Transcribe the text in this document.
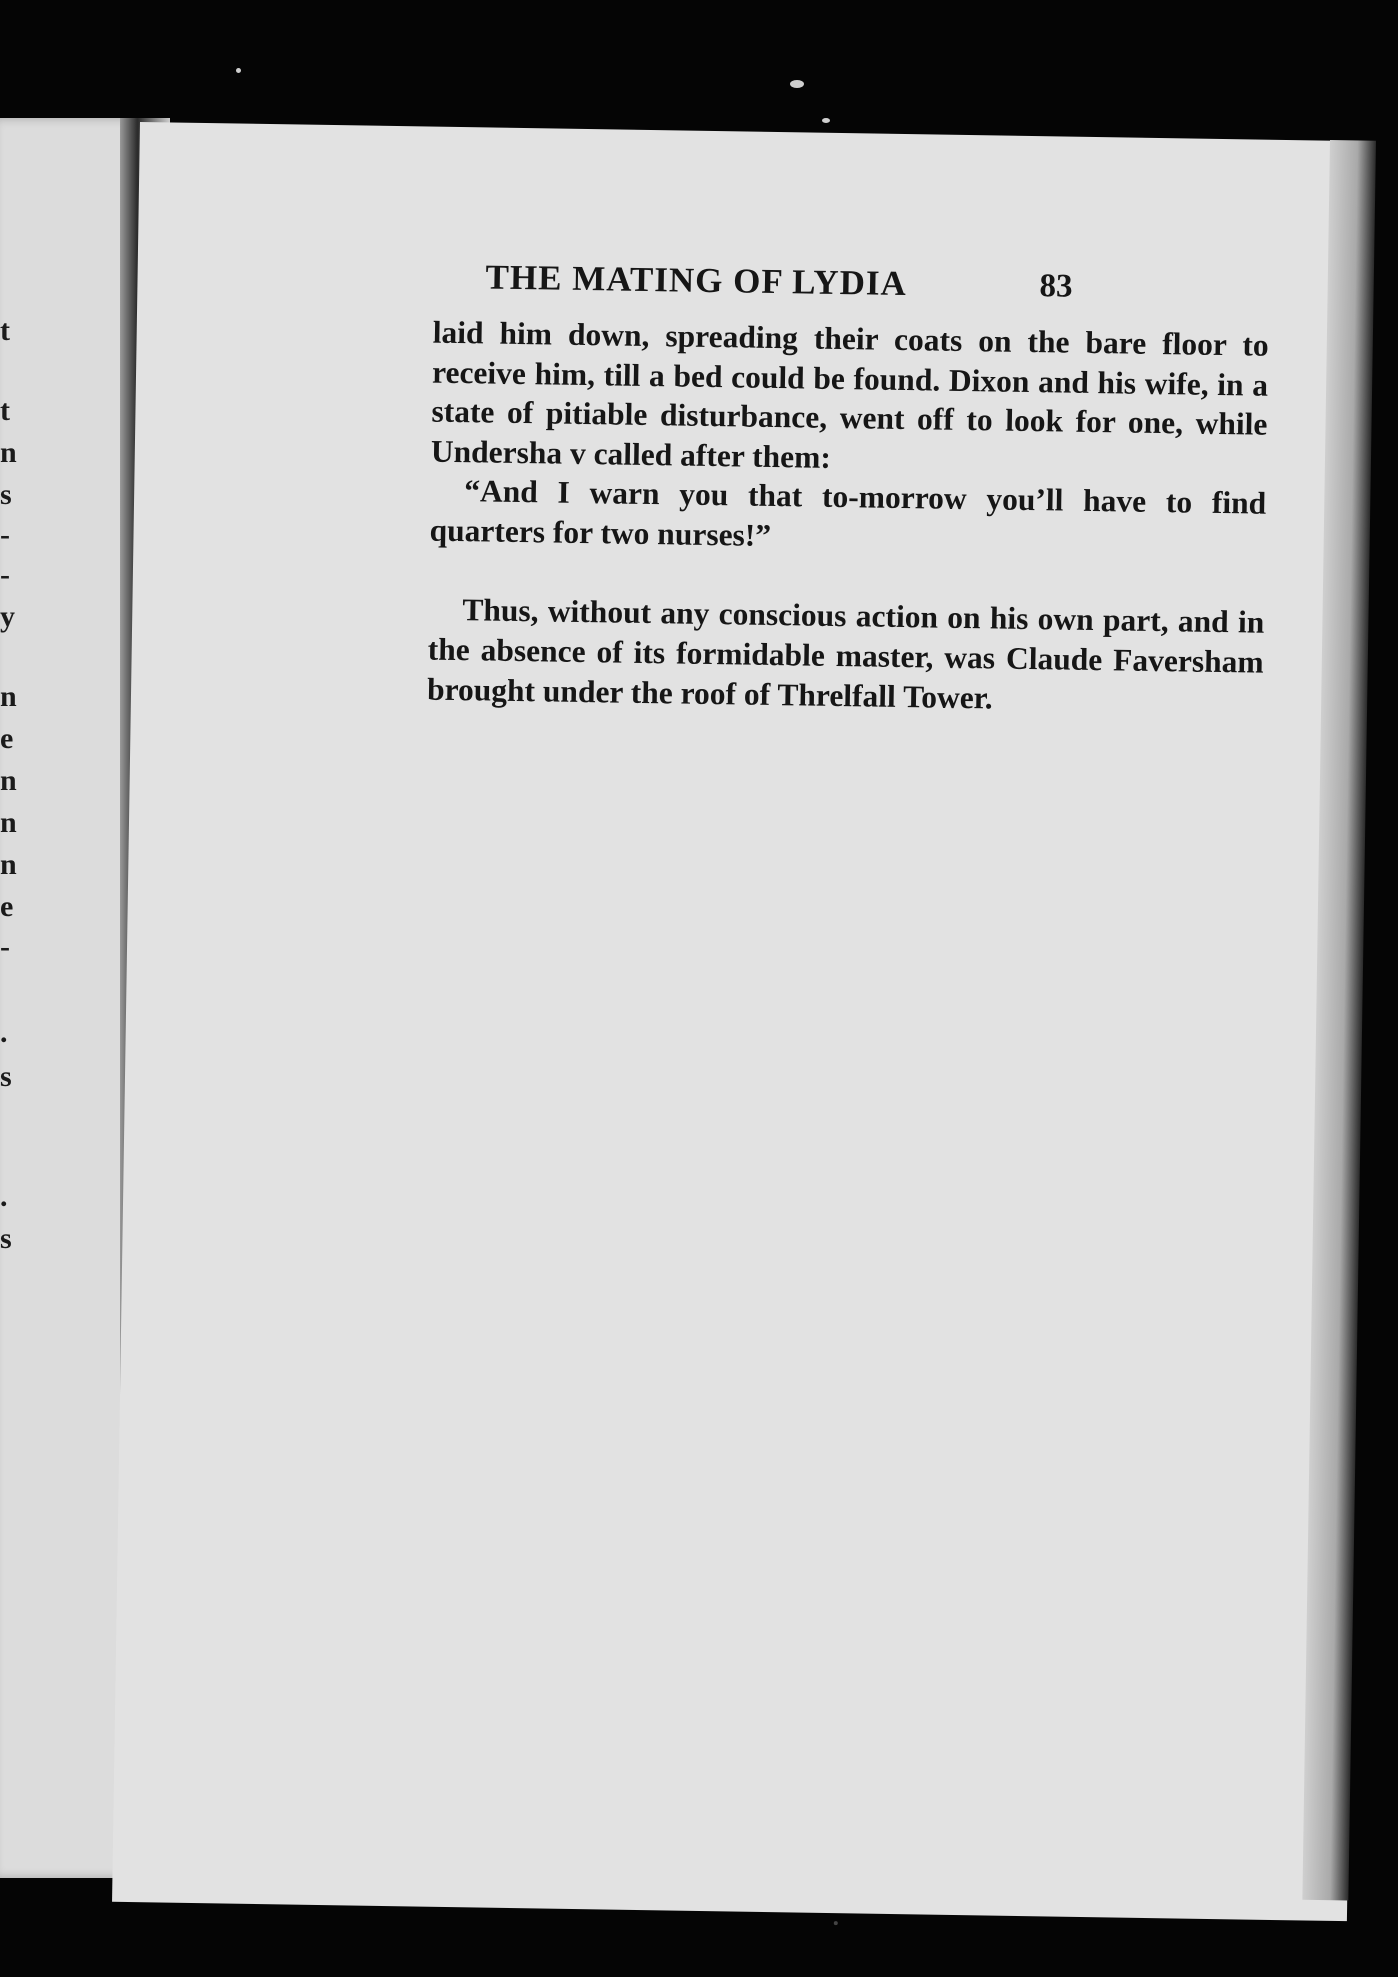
t
t
n
s
-
-
y
n
e
n
n
n
e
-
.
s
.
s
THE MATING OF LYDIA	83

laid him down, spreading their coats on the bare floor to receive him, till a bed could be found. Dixon and his wife, in a state of pitiable disturbance, went off to look for one, while Undersha v called after them:

“And I warn you that to-morrow you’ll have to find quarters for two nurses!”

Thus, without any conscious action on his own part, and in the absence of its formidable master, was Claude Faversham brought under the roof of Threlfall Tower.
